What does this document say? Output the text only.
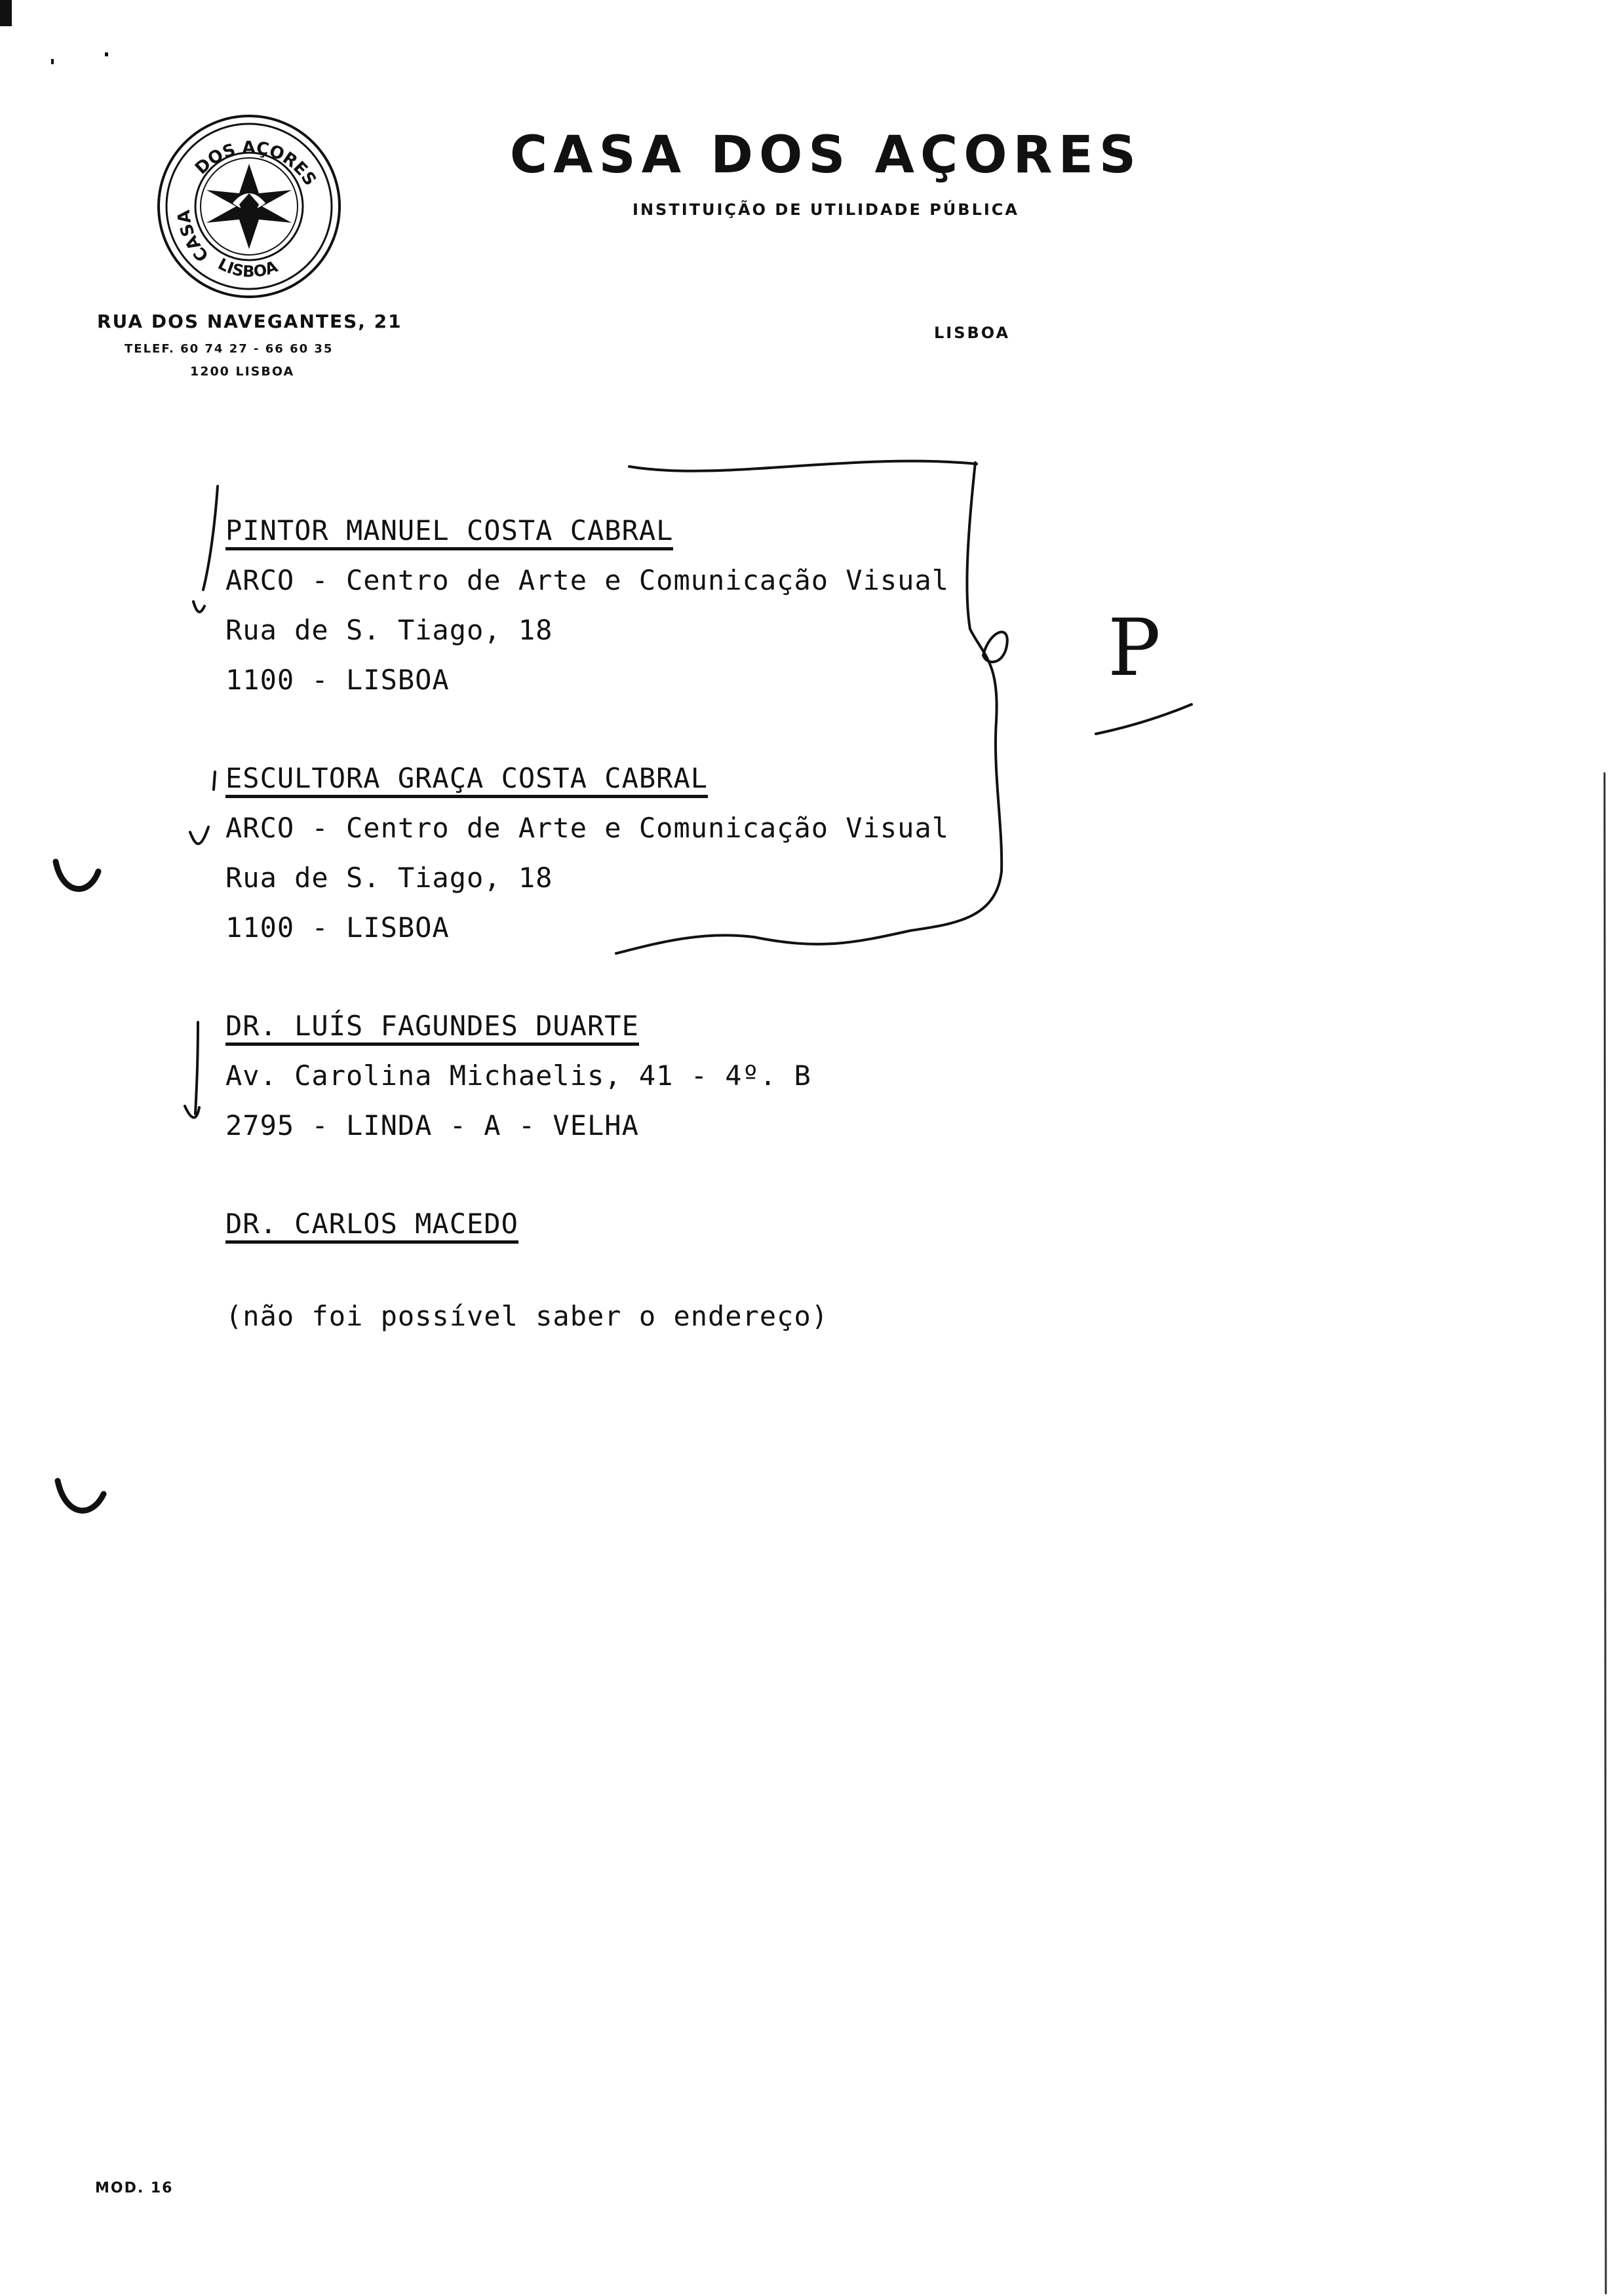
DOS AÇORES
CASA
LISBOA
CASA DOS AÇORES
INSTITUIÇÃO DE UTILIDADE PÚBLICA
RUA DOS NAVEGANTES, 21
TELEF. 60 74 27 - 66 60 35
1200 LISBOA
LISBOA
PINTOR MANUEL COSTA CABRAL
ARCO - Centro de Arte e Comunicação Visual
Rua de S. Tiago, 18
1100 - LISBOA
ESCULTORA GRAÇA COSTA CABRAL
ARCO - Centro de Arte e Comunicação Visual
Rua de S. Tiago, 18
1100 - LISBOA
DR. LUÍS FAGUNDES DUARTE
Av. Carolina Michaelis, 41 - 4º. B
2795 - LINDA - A - VELHA
DR. CARLOS MACEDO
(não foi possível saber o endereço)
MOD. 16
P
